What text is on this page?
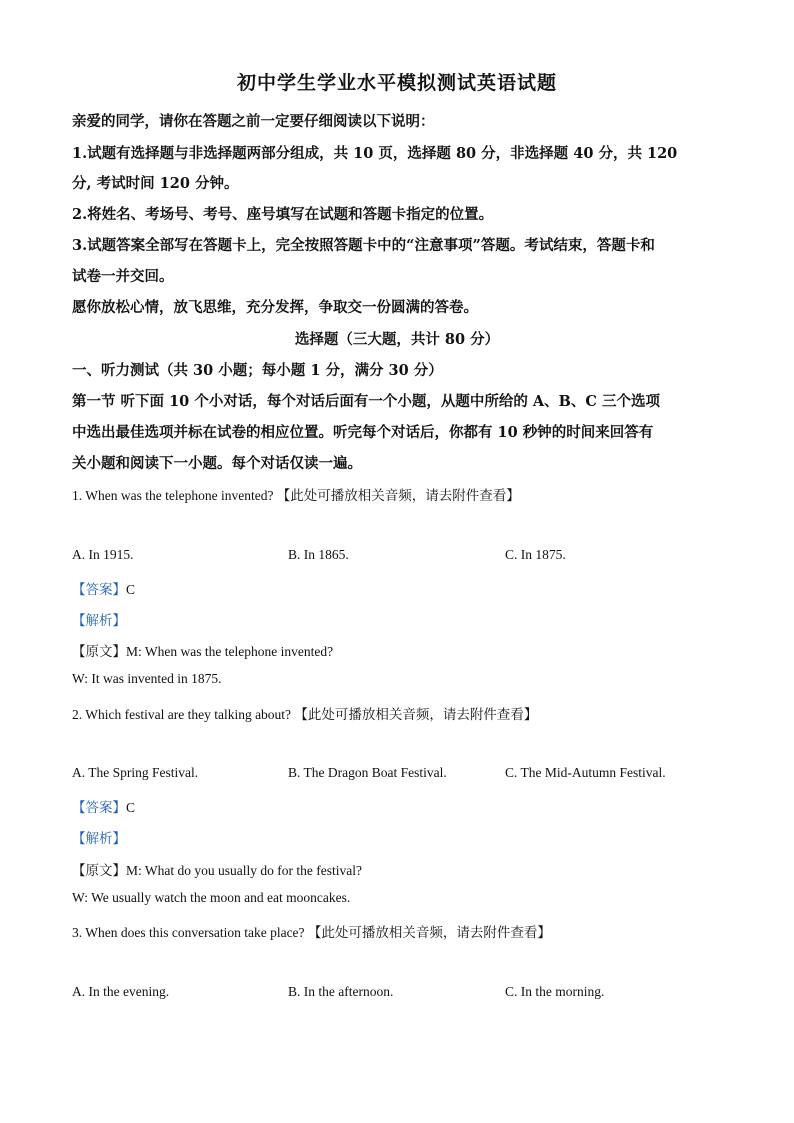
初中学生学业水平模拟测试英语试题
亲爱的同学，请你在答题之前一定要仔细阅读以下说明：
1.试题有选择题与非选择题两部分组成，共 10 页，选择题 80 分，非选择题 40 分，共 120
分, 考试时间 120 分钟。
2.将姓名、考场号、考号、座号填写在试题和答题卡指定的位置。
3.试题答案全部写在答题卡上，完全按照答题卡中的“注意事项”答题。考试结束，答题卡和
试卷一并交回。
愿你放松心情，放飞思维，充分发挥，争取交一份圆满的答卷。
选择题（三大题，共计 80 分）
一、听力测试（共 30 小题；每小题 1 分，满分 30 分）
第一节 听下面 10 个小对话，每个对话后面有一个小题，从题中所给的 A、B、C 三个选项
中选出最佳选项并标在试卷的相应位置。听完每个对话后，你都有 10 秒钟的时间来回答有
关小题和阅读下一小题。每个对话仅读一遍。
1. When was the telephone invented? 【此处可播放相关音频，请去附件查看】
A. In 1915.	B. In 1865.	C. In 1875.
【答案】C
【解析】
【原文】M: When was the telephone invented?
W: It was invented in 1875.
2. Which festival are they talking about? 【此处可播放相关音频，请去附件查看】
A. The Spring Festival.	B. The Dragon Boat Festival.	C. The Mid-Autumn Festival.
【答案】C
【解析】
【原文】M: What do you usually do for the festival?
W: We usually watch the moon and eat mooncakes.
3. When does this conversation take place? 【此处可播放相关音频，请去附件查看】
A. In the evening.	B. In the afternoon.	C. In the morning.
